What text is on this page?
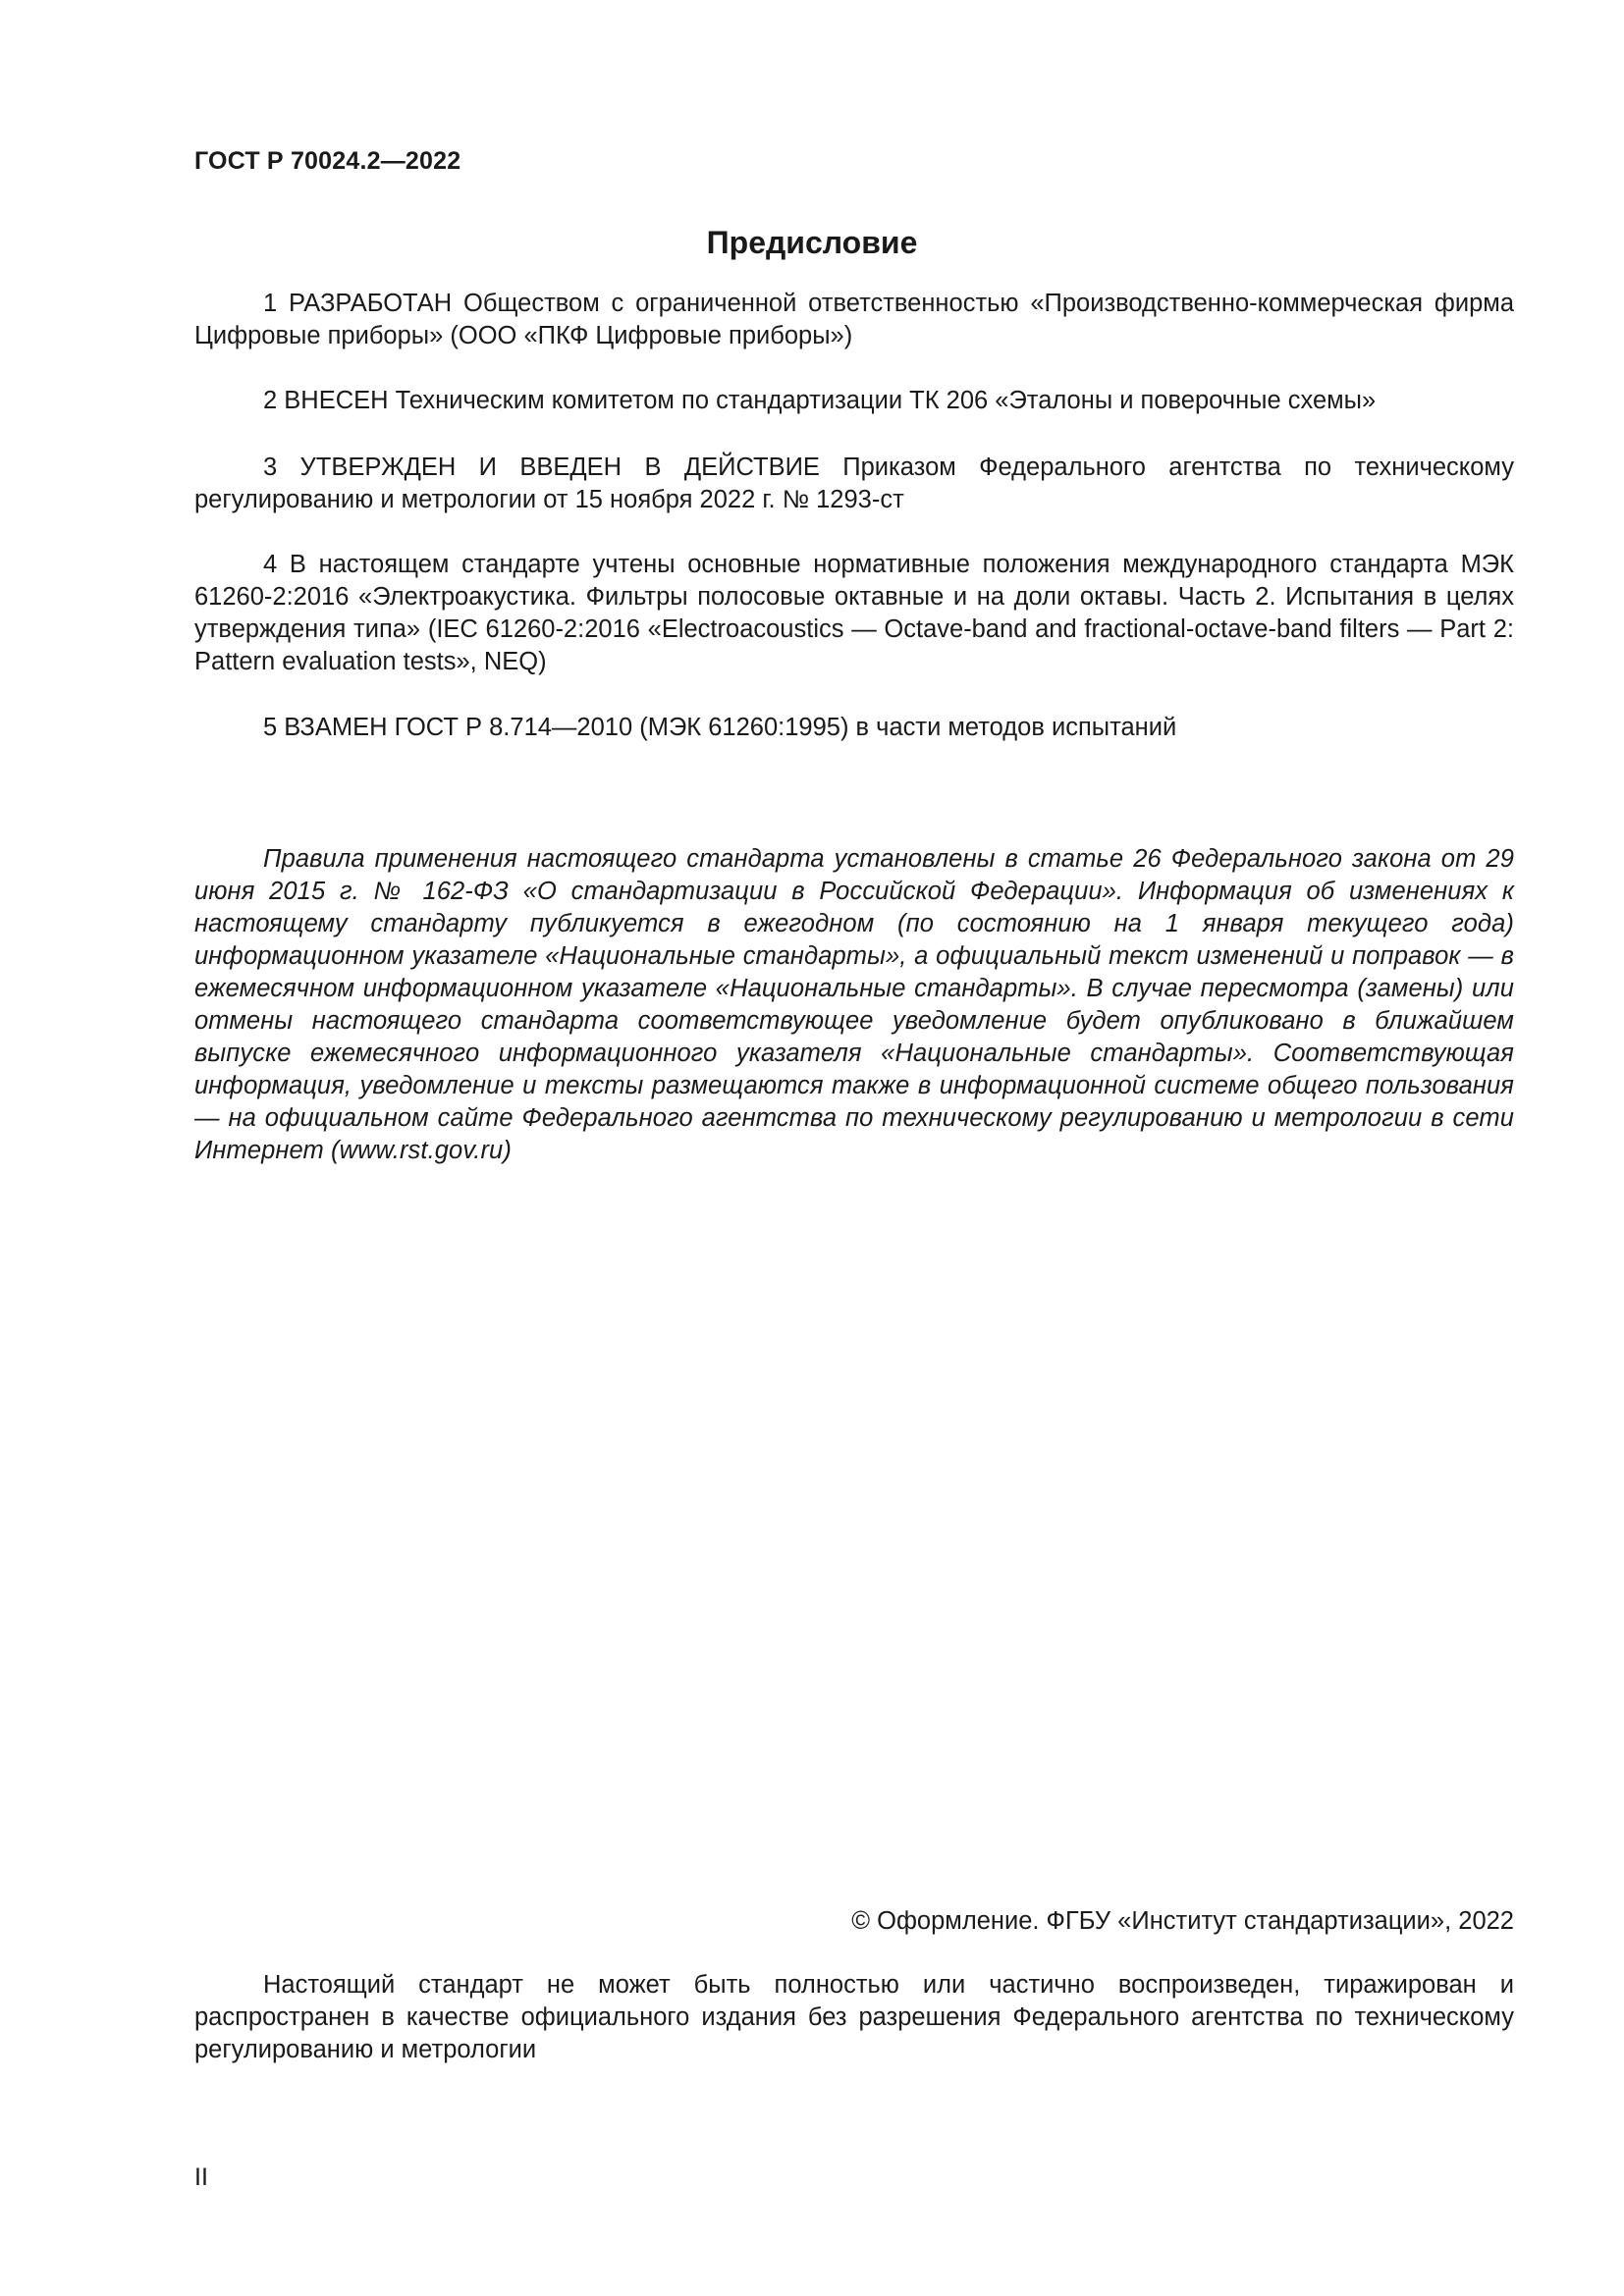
ГОСТ Р 70024.2—2022
Предисловие

1 РАЗРАБОТАН Обществом с ограниченной ответственностью «Производственно-коммерческая фирма Цифровые приборы» (ООО «ПКФ Цифровые приборы»)

2 ВНЕСЕН Техническим комитетом по стандартизации ТК 206 «Эталоны и поверочные схемы»

3 УТВЕРЖДЕН И ВВЕДЕН В ДЕЙСТВИЕ Приказом Федерального агентства по техническому регулированию и метрологии от 15 ноября 2022 г. № 1293-ст

4 В настоящем стандарте учтены основные нормативные положения международного стандарта МЭК 61260-2:2016 «Электроакустика. Фильтры полосовые октавные и на доли октавы. Часть 2. Испытания в целях утверждения типа» (IEC 61260-2:2016 «Electroacoustics — Octave-band and fractional-octave-band filters — Part 2: Pattern evaluation tests», NEQ)

5 ВЗАМЕН ГОСТ Р 8.714—2010 (МЭК 61260:1995) в части методов испытаний

Правила применения настоящего стандарта установлены в статье 26 Федерального закона от 29 июня 2015 г. № 162-ФЗ «О стандартизации в Российской Федерации». Информация об изменениях к настоящему стандарту публикуется в ежегодном (по состоянию на 1 января текущего года) информационном указателе «Национальные стандарты», а официальный текст изменений и поправок — в ежемесячном информационном указателе «Национальные стандарты». В случае пересмотра (замены) или отмены настоящего стандарта соответствующее уведомление будет опубликовано в ближайшем выпуске ежемесячного информационного указателя «Национальные стандарты». Соответствующая информация, уведомление и тексты размещаются также в информационной системе общего пользования — на официальном сайте Федерального агентства по техническому регулированию и метрологии в сети Интернет (www.rst.gov.ru)

© Оформление. ФГБУ «Институт стандартизации», 2022

Настоящий стандарт не может быть полностью или частично воспроизведен, тиражирован и распространен в качестве официального издания без разрешения Федерального агентства по техническому регулированию и метрологии

II
